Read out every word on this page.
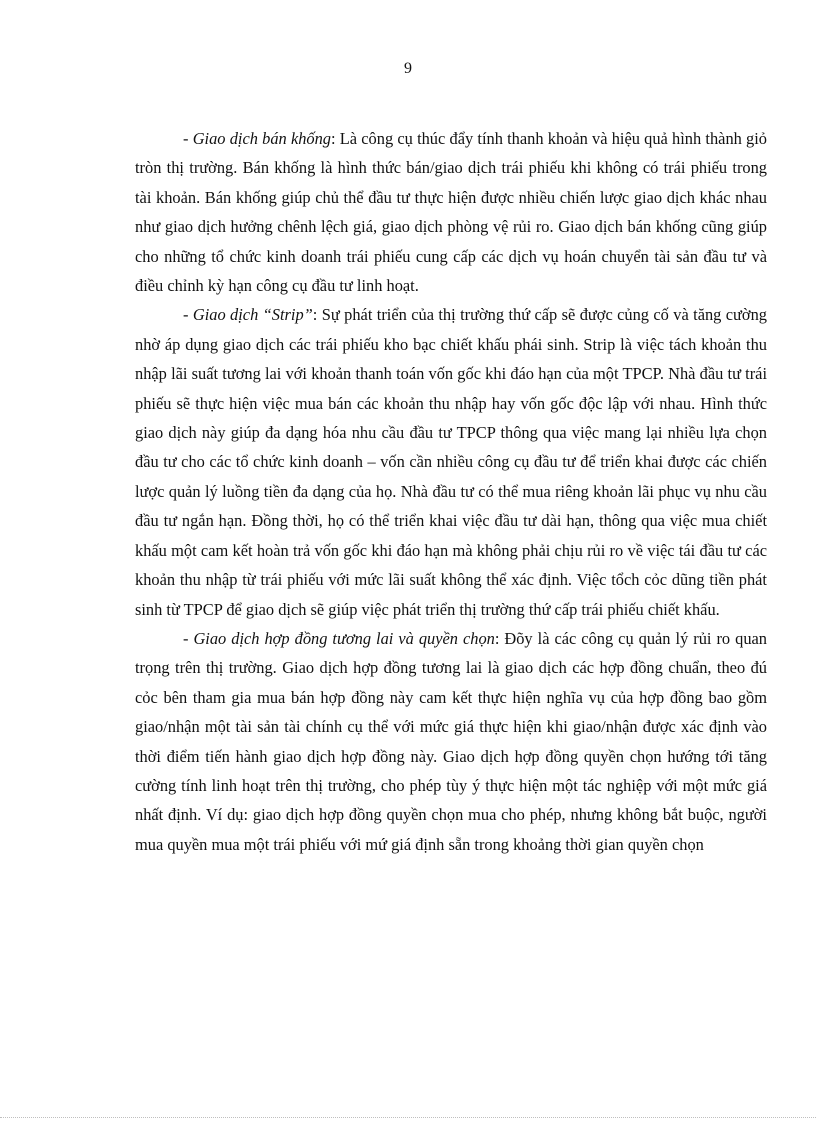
9

- Giao dịch bán khống: Là công cụ thúc đẩy tính thanh khoản và hiệu quả hình thành giỏ tròn thị trường. Bán khống là hình thức bán/giao dịch trái phiếu khi không có trái phiếu trong tài khoản. Bán khống giúp chủ thể đầu tư thực hiện được nhiều chiến lược giao dịch khác nhau như giao dịch hưởng chênh lệch giá, giao dịch phòng vệ rủi ro. Giao dịch bán khống cũng giúp cho những tổ chức kinh doanh trái phiếu cung cấp các dịch vụ hoán chuyển tài sản đầu tư và điều chỉnh kỳ hạn công cụ đầu tư linh hoạt.

- Giao dịch “Strip”: Sự phát triển của thị trường thứ cấp sẽ được củng cố và tăng cường nhờ áp dụng giao dịch các trái phiếu kho bạc chiết khấu phái sinh. Strip là việc tách khoản thu nhập lãi suất tương lai với khoản thanh toán vốn gốc khi đáo hạn của một TPCP. Nhà đầu tư trái phiếu sẽ thực hiện việc mua bán các khoản thu nhập hay vốn gốc độc lập với nhau. Hình thức giao dịch này giúp đa dạng hóa nhu cầu đầu tư TPCP thông qua việc mang lại nhiều lựa chọn đầu tư cho các tổ chức kinh doanh – vốn cần nhiều công cụ đầu tư để triển khai được các chiến lược quản lý luồng tiền đa dạng của họ. Nhà đầu tư có thể mua riêng khoản lãi phục vụ nhu cầu đầu tư ngắn hạn. Đồng thời, họ có thể triển khai việc đầu tư dài hạn, thông qua việc mua chiết khấu một cam kết hoàn trả vốn gốc khi đáo hạn mà không phải chịu rủi ro về việc tái đầu tư các khoản thu nhập từ trái phiếu với mức lãi suất không thể xác định. Việc tổch cỏc dũng tiền phát sinh từ TPCP để giao dịch sẽ giúp việc phát triển thị trường thứ cấp trái phiếu chiết khấu.

- Giao dịch hợp đồng tương lai và quyền chọn: Đõy là các công cụ quản lý rủi ro quan trọng trên thị trường. Giao dịch hợp đồng tương lai là giao dịch các hợp đồng chuẩn, theo đú cỏc bên tham gia mua bán hợp đồng này cam kết thực hiện nghĩa vụ của hợp đồng bao gồm giao/nhận một tài sản tài chính cụ thể với mức giá thực hiện khi giao/nhận được xác định vào thời điểm tiến hành giao dịch hợp đồng này. Giao dịch hợp đồng quyền chọn hướng tới tăng cường tính linh hoạt trên thị trường, cho phép tùy ý thực hiện một tác nghiệp với một mức giá nhất định. Ví dụ: giao dịch hợp đồng quyền chọn mua cho phép, nhưng không bắt buộc, người mua quyền mua một trái phiếu với mứ giá định sẵn trong khoảng thời gian quyền chọn
